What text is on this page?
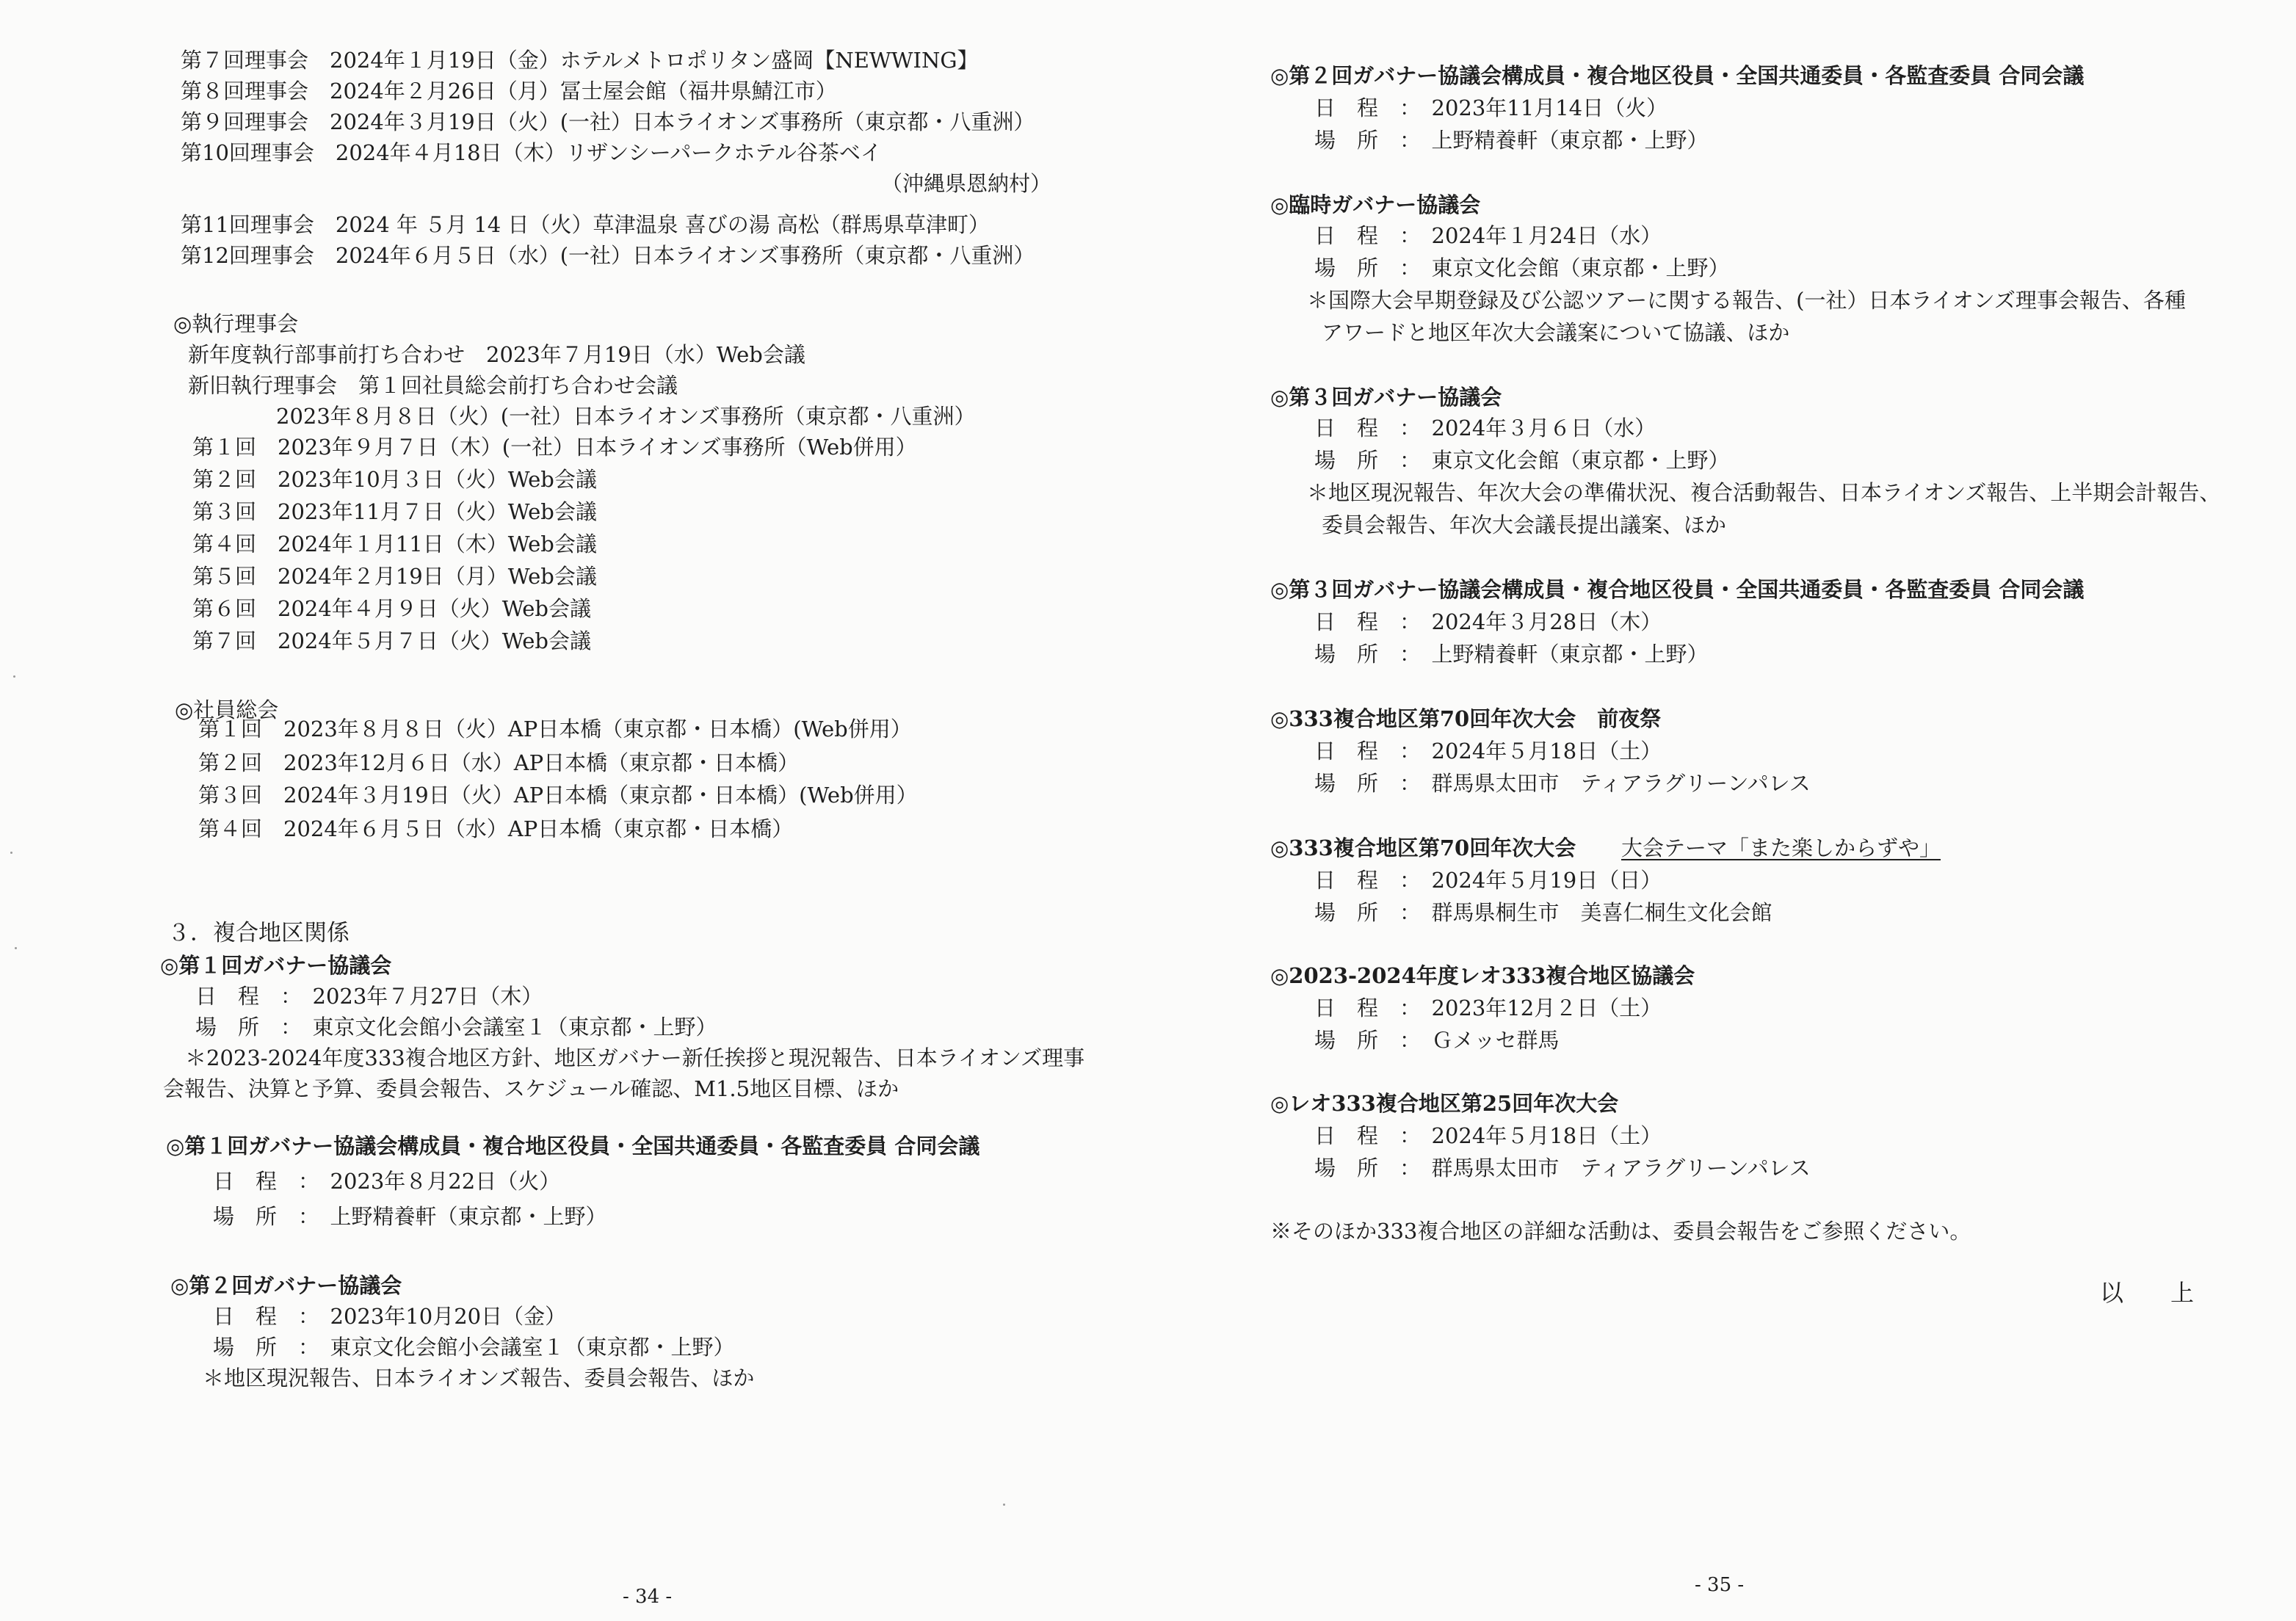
第７回理事会　2024年１月19日（金）ホテルメトロポリタン盛岡【NEWWING】
第８回理事会　2024年２月26日（月）冨士屋会館（福井県鯖江市）
第９回理事会　2024年３月19日（火）(一社）日本ライオンズ事務所（東京都・八重洲）
第10回理事会　2024年４月18日（木）リザンシーパークホテル谷茶ベイ
（沖縄県恩納村）
第11回理事会　2024 年 ５月 14 日（火）草津温泉 喜びの湯 高松（群馬県草津町）
第12回理事会　2024年６月５日（水）(一社）日本ライオンズ事務所（東京都・八重洲）
◎執行理事会
新年度執行部事前打ち合わせ　2023年７月19日（水）Web会議
新旧執行理事会　第１回社員総会前打ち合わせ会議
2023年８月８日（火）(一社）日本ライオンズ事務所（東京都・八重洲）
第１回　2023年９月７日（木）(一社）日本ライオンズ事務所（Web併用）
第２回　2023年10月３日（火）Web会議
第３回　2023年11月７日（火）Web会議
第４回　2024年１月11日（木）Web会議
第５回　2024年２月19日（月）Web会議
第６回　2024年４月９日（火）Web会議
第７回　2024年５月７日（火）Web会議
◎社員総会
第１回　2023年８月８日（火）AP日本橋（東京都・日本橋）(Web併用）
第２回　2023年12月６日（水）AP日本橋（東京都・日本橋）
第３回　2024年３月19日（火）AP日本橋（東京都・日本橋）(Web併用）
第４回　2024年６月５日（水）AP日本橋（東京都・日本橋）
３．複合地区関係
◎第１回ガバナー協議会
日　程　：　2023年７月27日（木）
場　所　：　東京文化会館小会議室１（東京都・上野）
＊2023-2024年度333複合地区方針、地区ガバナー新任挨拶と現況報告、日本ライオンズ理事
会報告、決算と予算、委員会報告、スケジュール確認、M1.5地区目標、ほか
◎第１回ガバナー協議会構成員・複合地区役員・全国共通委員・各監査委員 合同会議
日　程　：　2023年８月22日（火）
場　所　：　上野精養軒（東京都・上野）
◎第２回ガバナー協議会
日　程　：　2023年10月20日（金）
場　所　：　東京文化会館小会議室１（東京都・上野）
＊地区現況報告、日本ライオンズ報告、委員会報告、ほか
- 34 -
◎第２回ガバナー協議会構成員・複合地区役員・全国共通委員・各監査委員 合同会議
日　程　：　2023年11月14日（火）
場　所　：　上野精養軒（東京都・上野）
◎臨時ガバナー協議会
日　程　：　2024年１月24日（水）
場　所　：　東京文化会館（東京都・上野）
＊国際大会早期登録及び公認ツアーに関する報告、(一社）日本ライオンズ理事会報告、各種
アワードと地区年次大会議案について協議、ほか
◎第３回ガバナー協議会
日　程　：　2024年３月６日（水）
場　所　：　東京文化会館（東京都・上野）
＊地区現況報告、年次大会の準備状況、複合活動報告、日本ライオンズ報告、上半期会計報告、
委員会報告、年次大会議長提出議案、ほか
◎第３回ガバナー協議会構成員・複合地区役員・全国共通委員・各監査委員 合同会議
日　程　：　2024年３月28日（木）
場　所　：　上野精養軒（東京都・上野）
◎333複合地区第70回年次大会　前夜祭
日　程　：　2024年５月18日（土）
場　所　：　群馬県太田市　ティアラグリーンパレス
◎333複合地区第70回年次大会 大会テーマ「また楽しからずや」
日　程　：　2024年５月19日（日）
場　所　：　群馬県桐生市　美喜仁桐生文化会館
◎2023-2024年度レオ333複合地区協議会
日　程　：　2023年12月２日（土）
場　所　：　Ｇメッセ群馬
◎レオ333複合地区第25回年次大会
日　程　：　2024年５月18日（土）
場　所　：　群馬県太田市　ティアラグリーンパレス
※そのほか333複合地区の詳細な活動は、委員会報告をご参照ください。
以　　上
- 35 -
